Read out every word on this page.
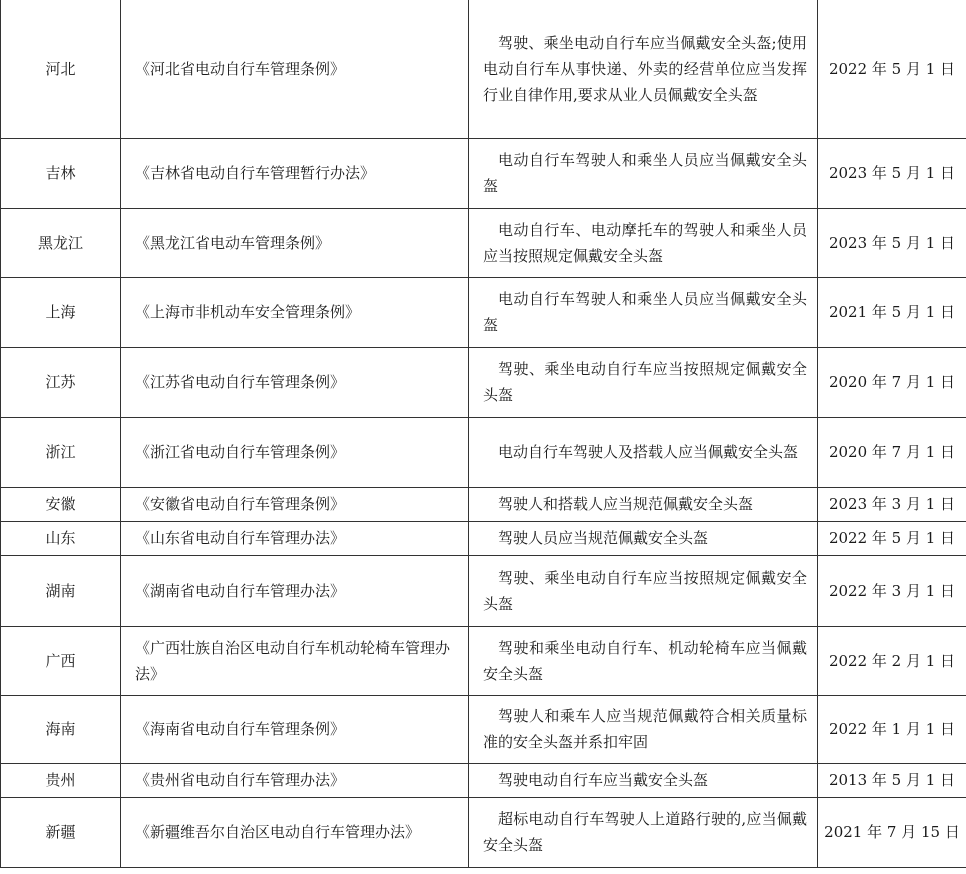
河北	《河北省电动自行车管理条例》	驾驶、乘坐电动自行车应当佩戴安全头盔;使用电动自行车从事快递、外卖的经营单位应当发挥行业自律作用,要求从业人员佩戴安全头盔	2022 年 5 月 1 日
吉林	《吉林省电动自行车管理暂行办法》	电动自行车驾驶人和乘坐人员应当佩戴安全头盔	2023 年 5 月 1 日
黑龙江	《黑龙江省电动车管理条例》	电动自行车、电动摩托车的驾驶人和乘坐人员应当按照规定佩戴安全头盔	2023 年 5 月 1 日
上海	《上海市非机动车安全管理条例》	电动自行车驾驶人和乘坐人员应当佩戴安全头盔	2021 年 5 月 1 日
江苏	《江苏省电动自行车管理条例》	驾驶、乘坐电动自行车应当按照规定佩戴安全头盔	2020 年 7 月 1 日
浙江	《浙江省电动自行车管理条例》	电动自行车驾驶人及搭载人应当佩戴安全头盔	2020 年 7 月 1 日
安徽	《安徽省电动自行车管理条例》	驾驶人和搭载人应当规范佩戴安全头盔	2023 年 3 月 1 日
山东	《山东省电动自行车管理办法》	驾驶人员应当规范佩戴安全头盔	2022 年 5 月 1 日
湖南	《湖南省电动自行车管理办法》	驾驶、乘坐电动自行车应当按照规定佩戴安全头盔	2022 年 3 月 1 日
广西	《广西壮族自治区电动自行车机动轮椅车管理办法》	驾驶和乘坐电动自行车、机动轮椅车应当佩戴安全头盔	2022 年 2 月 1 日
海南	《海南省电动自行车管理条例》	驾驶人和乘车人应当规范佩戴符合相关质量标准的安全头盔并系扣牢固	2022 年 1 月 1 日
贵州	《贵州省电动自行车管理办法》	驾驶电动自行车应当戴安全头盔	2013 年 5 月 1 日
新疆	《新疆维吾尔自治区电动自行车管理办法》	超标电动自行车驾驶人上道路行驶的,应当佩戴安全头盔	2021 年 7 月 15 日
